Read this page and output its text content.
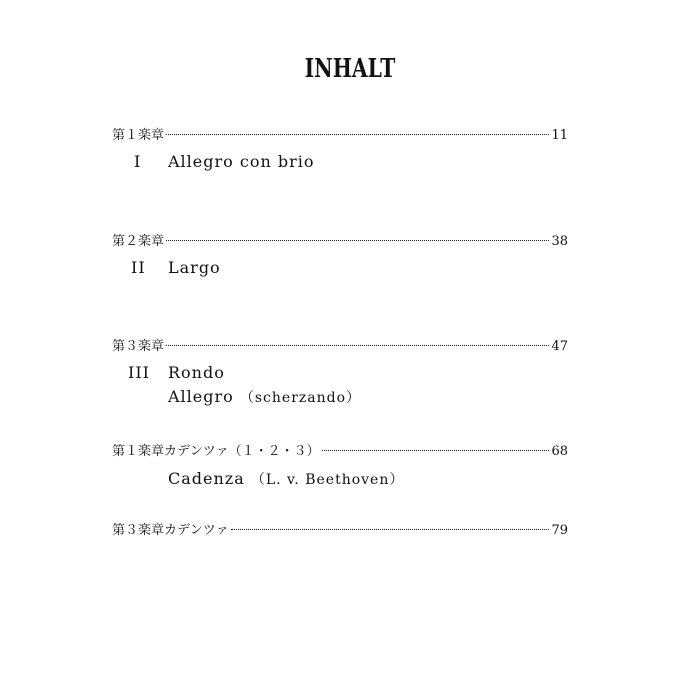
INHALT
第１楽章	11
I Allegro con brio
第２楽章	38
II Largo
第３楽章	47
III Rondo
Allegro （scherzando）
第１楽章カデンツァ（１・２・３）	68
Cadenza （L. v. Beethoven）
第３楽章カデンツァ	79
